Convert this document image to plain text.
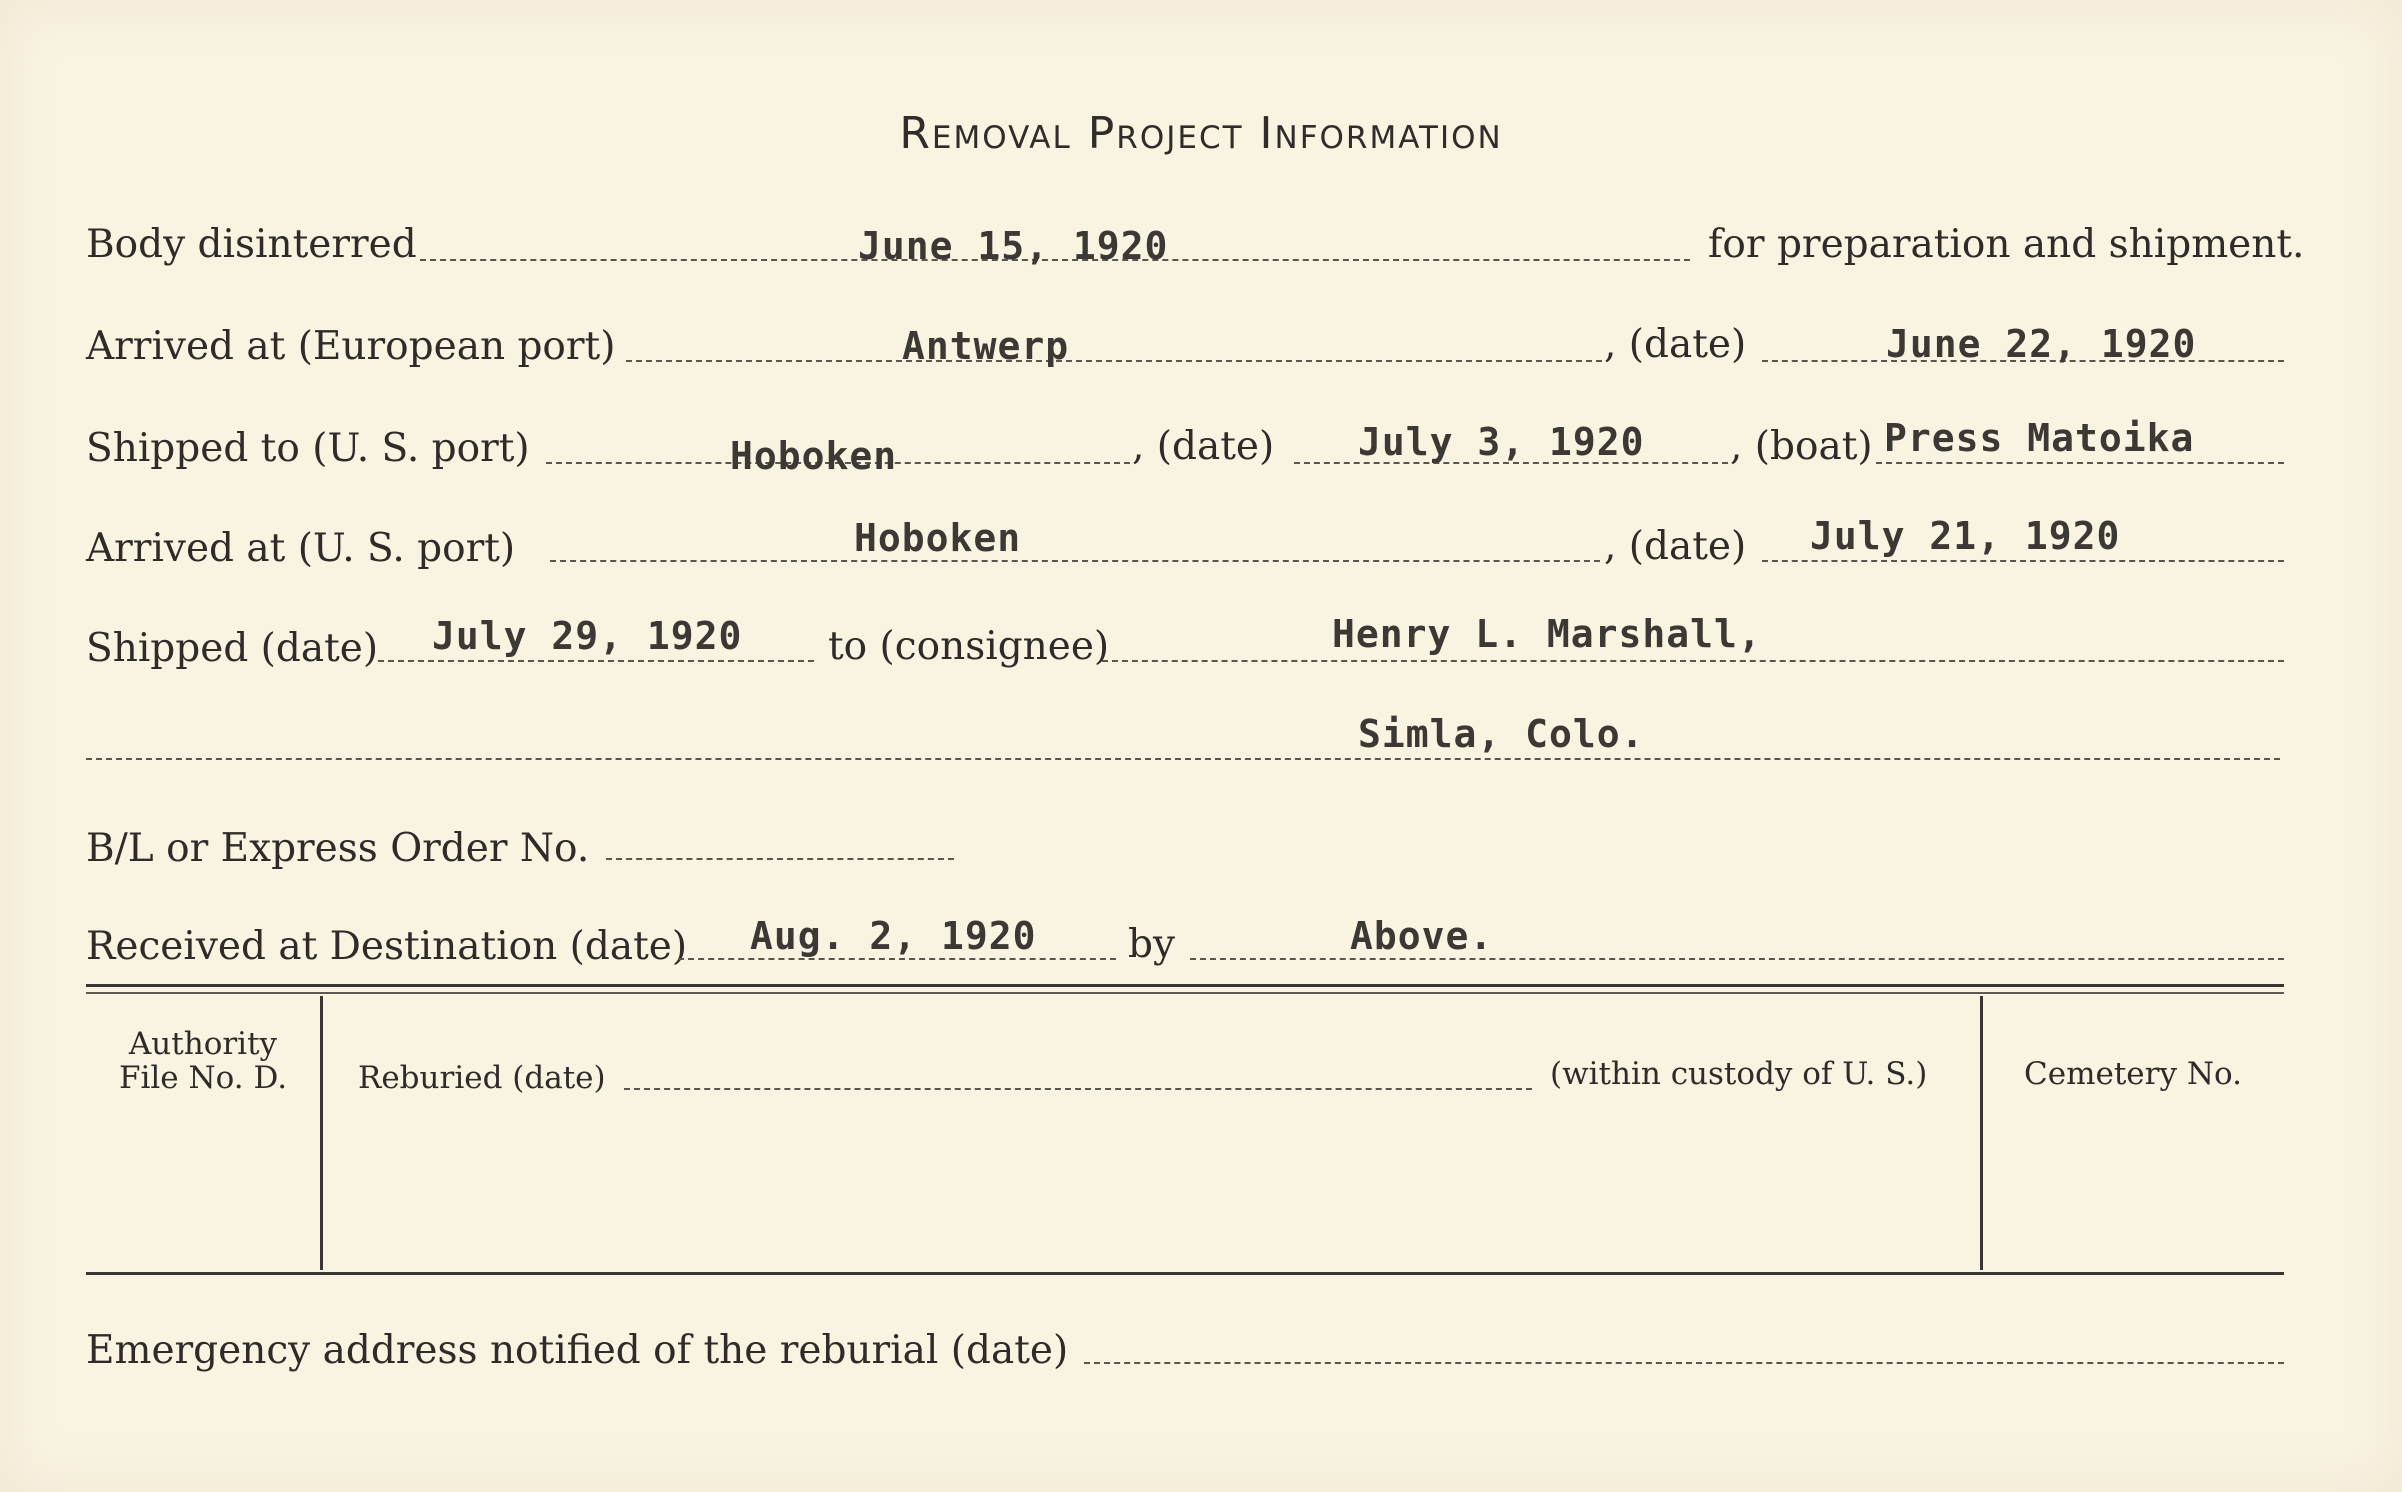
Removal Project Information
Body disinterred	June 15, 1920	for preparation and shipment.
Arrived at (European port)	Antwerp	, (date)	June 22, 1920
Shipped to (U. S. port)	Hoboken	, (date) July 3, 1920 , (boat) Press Matoika
Arrived at (U. S. port)	Hoboken	, (date) July 21, 1920
Shipped (date) July 29, 1920 to (consignee)	Henry L. Marshall,
Simla, Colo.
B/L or Express Order No.
Received at Destination (date) Aug. 2, 1920 by	Above.
Authority
File No. D.	Reburied (date)	(within custody of U. S.)	Cemetery No.
Emergency address notified of the reburial (date)
